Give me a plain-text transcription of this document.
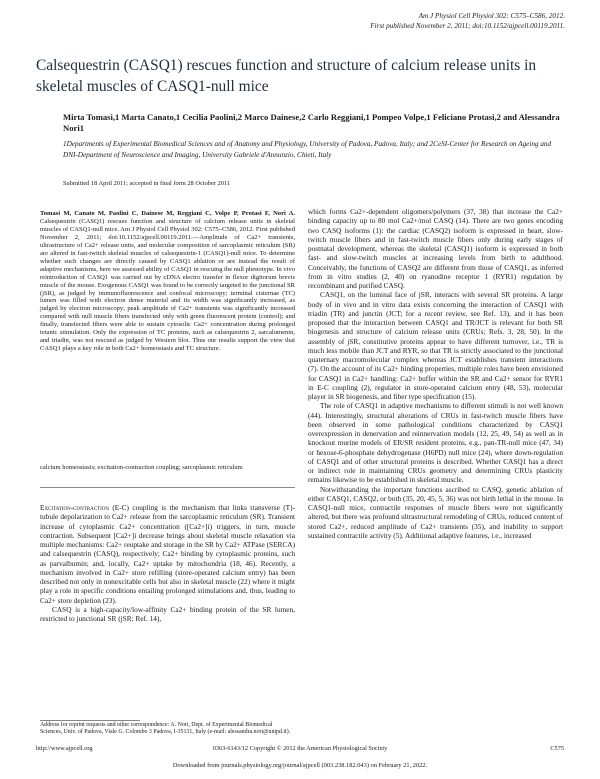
Am J Physiol Cell Physiol 302: C575–C586, 2012.
First published November 2, 2011; doi:10.1152/ajpcell.00119.2011.
Calsequestrin (CASQ1) rescues function and structure of calcium release units in skeletal muscles of CASQ1-null mice
Mirta Tomasi,1 Marta Canato,1 Cecilia Paolini,2 Marco Dainese,2 Carlo Reggiani,1 Pompeo Volpe,1 Feliciano Protasi,2 and Alessandra Nori1
1Departments of Experimental Biomedical Sciences and of Anatomy and Physiology, University of Padova, Padova, Italy; and 2CeSI-Center for Research on Ageing and DNI-Department of Neuroscience and Imaging, University Gabriele d'Annunzio, Chieti, Italy
Submitted 18 April 2011; accepted in final form 28 October 2011
Tomasi M, Canato M, Paolini C, Dainese M, Reggiani C, Volpe P, Protasi F, Nori A. Calsequestrin (CASQ1) rescues function and structure of calcium release units in skeletal muscles of CASQ1-null mice. Am J Physiol Cell Physiol 302: C575–C586, 2012. First published November 2, 2011; doi:10.1152/ajpcell.00119.2011.—Amplitude of Ca2+ transients, ultrastructure of Ca2+ release units, and molecular composition of sarcoplasmic reticulum (SR) are altered in fast-twitch skeletal muscles of calsequestrin-1 (CASQ1)-null mice. To determine whether such changes are directly caused by CASQ1 ablation or are instead the result of adaptive mechanisms, here we assessed ability of CASQ1 in rescuing the null phenotype. In vivo reintroduction of CASQ1 was carried out by cDNA electro transfer in flexor digitorum brevis muscle of the mouse. Exogenous CASQ1 was found to be correctly targeted to the junctional SR (jSR), as judged by immunofluorescence and confocal microscopy; terminal cisternae (TC) lumen was filled with electron dense material and its width was significantly increased, as judged by electron microscopy; peak amplitude of Ca2+ transients was significantly increased compared with null muscle fibers transfected only with green fluorescent protein (control); and finally, transfected fibers were able to sustain cytosolic Ca2+ concentration during prolonged tetanic stimulation. Only the expression of TC proteins, such as calsequestrin 2, sarcalumenin, and triadin, was not rescued as judged by Western blot. Thus our results support the view that CASQ1 plays a key role in both Ca2+ homeostasis and TC structure.
calcium homeostasis; excitation-contraction coupling; sarcoplasmic reticulum

Excitation-contraction (E-C) coupling is the mechanism that links transverse (T)-tubule depolarization to Ca2+ release from the sarcoplasmic reticulum (SR). Transient increase of cytoplasmic Ca2+ concentration ([Ca2+]i) triggers, in turn, muscle contraction. Subsequent [Ca2+]i decrease brings about skeletal muscle relaxation via multiple mechanisms: Ca2+ reuptake and storage in the SR by Ca2+ ATPase (SERCA) and calsequestrin (CASQ), respectively; Ca2+ binding by cytoplasmic proteins, such as parvalbumin; and, locally, Ca2+ uptake by mitochondria (18, 46). Recently, a mechanism involved in Ca2+ store refilling (store-operated calcium entry) has been described not only in nonexcitable cells but also in skeletal muscle (22) where it might play a role in specific conditions entailing prolonged stimulations and, thus, leading to Ca2+ store depletion (23).

CASQ is a high-capacity/low-affinity Ca2+ binding protein of the SR lumen, restricted to junctional SR (jSR; Ref. 14),

Address for reprint requests and other correspondence: A. Nori, Dept. of Experimental Biomedical Sciences, Univ. of Padova, Viale G. Colombo 3 Padova, I-35131, Italy (e-mail: alessandra.nori@unipd.it).

which forms Ca2+-dependent oligomers/polymers (37, 38) that increase the Ca2+ binding capacity up to 80 mol Ca2+/mol CASQ (14). There are two genes encoding two CASQ isoforms (1): the cardiac (CASQ2) isoform is expressed in heart, slow-twitch muscle fibers and in fast-twitch muscle fibers only during early stages of postnatal development, whereas the skeletal (CASQ1) isoform is expressed in both fast- and slow-twitch muscles at increasing levels from birth to adulthood. Conceivably, the functions of CASQ2 are different from those of CASQ1, as inferred from in vitro studies (2, 40) on ryanodine receptor 1 (RYR1) regulation by recombinant and purified CASQ.

CASQ1, on the luminal face of jSR, interacts with several SR proteins. A large body of in vivo and in vitro data exists concerning the interaction of CASQ1 with triadin (TR) and junctin (JCT; for a recent review, see Ref. 13), and it has been proposed that the interaction between CASQ1 and TR/JCT is relevant for both SR biogenesis and structure of calcium release units (CRUs; Refs. 3, 28, 50). In the assembly of jSR, constitutive proteins appear to have different turnover, i.e., TR is much less mobile than JCT and RYR, so that TR is strictly associated to the junctional quaternary macromolecular complex whereas JCT establishes transient interactions (7). On the account of its Ca2+ binding properties, multiple roles have been envisioned for CASQ1 in Ca2+ handling: Ca2+ buffer within the SR and Ca2+ sensor for RYR1 in E-C coupling (2), regulator in store-operated calcium entry (48, 53), molecular player in SR biogenesis, and fiber type specification (15).

The role of CASQ1 in adaptive mechanisms to different stimuli is not well known (44). Interestingly, structural alterations of CRUs in fast-twitch muscle fibers have been observed in some pathological conditions characterized by CASQ1 overexpression in denervation and reinnervation models (12, 25, 49, 54) as well as in knockout murine models of ER/SR resident proteins, e.g., pan-TR-null mice (47, 34) or hexose-6-phosphate dehydrogenase (H6PD) null mice (24), where down-regulation of CASQ1 and of other structural proteins is described. Whether CASQ1 has a direct or indirect role in maintaining CRUs geometry and determining CRUs plasticity remains likewise to be established in skeletal muscle.

Notwithstanding the important functions ascribed to CASQ, genetic ablation of either CASQ1, CASQ2, or both (35, 20, 45, 5, 36) was not birth lethal in the mouse. In CASQ1-null mice, contractile responses of muscle fibers were not significantly altered, but there was profound ultrastructural remodeling of CRUs, reduced content of stored Ca2+, reduced amplitude of Ca2+ transients (35), and inability to support sustained contractile activity (5). Additional adaptive features, i.e., increased

http://www.ajpcell.org	0363-6143/12 Copyright © 2012 the American Physiological Society	C575
Downloaded from journals.physiology.org/journal/ajpcell (003.238.182.043) on February 21, 2022.
